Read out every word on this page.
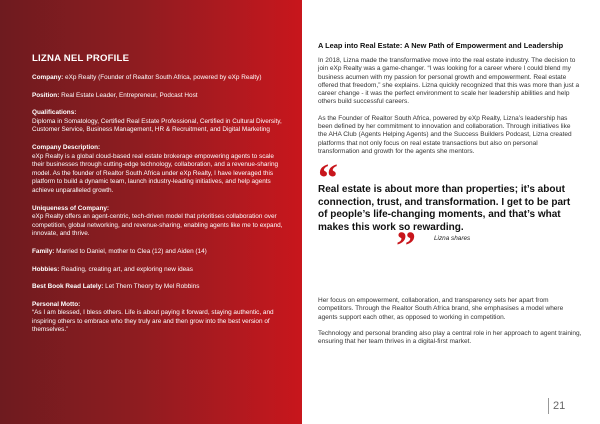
LIZNA NEL PROFILE
Company: eXp Realty (Founder of Realtor South Africa, powered by eXp Realty)
Position: Real Estate Leader, Entrepreneur, Podcast Host
Qualifications:
Diploma in Somatology, Certified Real Estate Professional, Certified in Cultural Diversity, Customer Service, Business Management, HR & Recruitment, and Digital Marketing
Company Description:
eXp Realty is a global cloud-based real estate brokerage empowering agents to scale their businesses through cutting-edge technology, collaboration, and a revenue-sharing model. As the founder of Realtor South Africa under eXp Realty, I have leveraged this platform to build a dynamic team, launch industry-leading initiatives, and help agents achieve unparalleled growth.
Uniqueness of Company:
eXp Realty offers an agent-centric, tech-driven model that prioritises collaboration over competition, global networking, and revenue-sharing, enabling agents like me to expand, innovate, and thrive.
Family: Married to Daniel, mother to Clea (12) and Aiden (14)
Hobbies: Reading, creating art, and exploring new ideas
Best Book Read Lately: Let Them Theory by Mel Robbins
Personal Motto:
“As I am blessed, I bless others. Life is about paying it forward, staying authentic, and inspiring others to embrace who they truly are and then grow into the best version of themselves.”
A Leap into Real Estate: A New Path of Empowerment and Leadership
In 2018, Lizna made the transformative move into the real estate industry. The decision to join eXp Realty was a game-changer. “I was looking for a career where I could blend my business acumen with my passion for personal growth and empowerment. Real estate offered that freedom,” she explains. Lizna quickly recognized that this was more than just a career change - it was the perfect environment to scale her leadership abilities and help others build successful careers.
As the Founder of Realtor South Africa, powered by eXp Realty, Lizna’s leadership has been defined by her commitment to innovation and collaboration. Through initiatives like the AHA Club (Agents Helping Agents) and the Success Builders Podcast, Lizna created platforms that not only focus on real estate transactions but also on personal transformation and growth for the agents she mentors.
“
Real estate is about more than properties; it’s about connection, trust, and transformation. I get to be part of people’s life-changing moments, and that’s what makes this work so rewarding.
”	Lizna shares
Her focus on empowerment, collaboration, and transparency sets her apart from competitors. Through the Realtor South Africa brand, she emphasises a model where agents support each other, as opposed to working in competition.
Technology and personal branding also play a central role in her approach to agent training, ensuring that her team thrives in a digital-first market.
21
